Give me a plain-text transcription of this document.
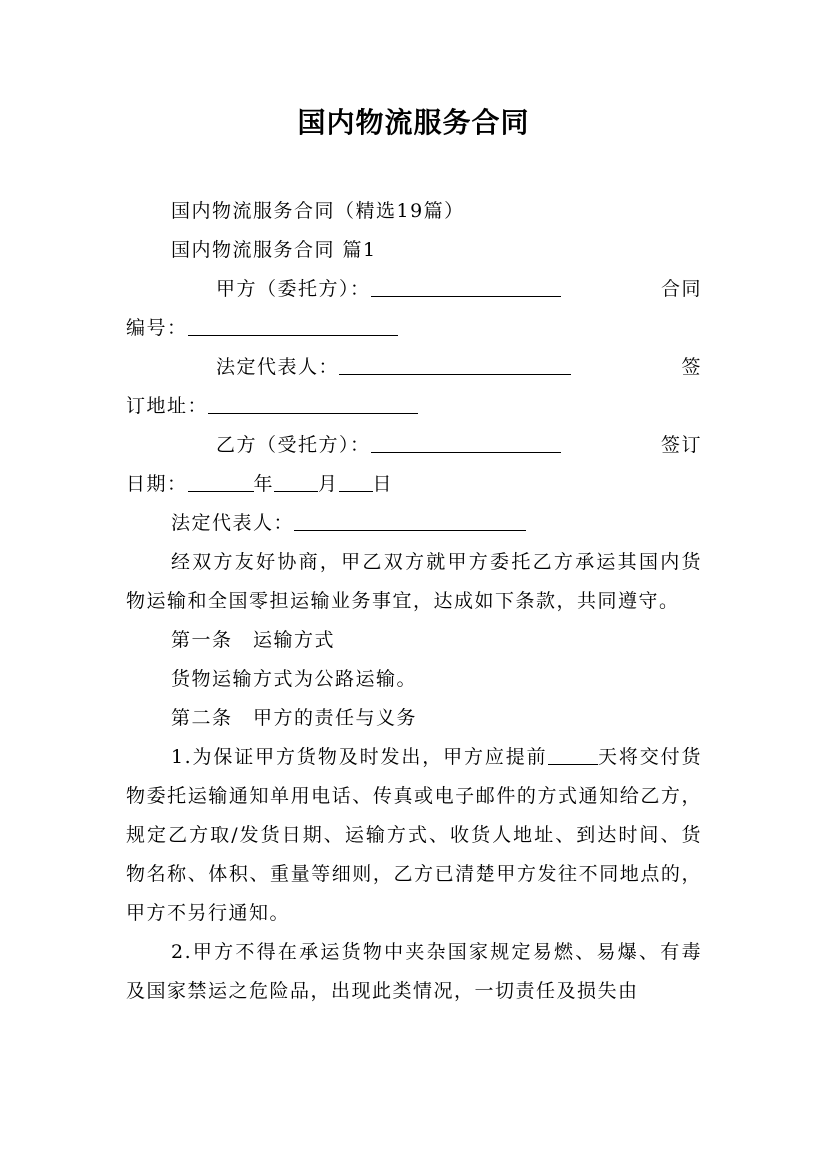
国内物流服务合同

国内物流服务合同（精选19篇）

国内物流服务合同 篇1

甲方（委托方）：	合同

编号：

法定代表人：	签

订地址：

乙方（受托方）：	签订

日期：	年 月 日

法定代表人：

经双方友好协商，甲乙双方就甲方委托乙方承运其国内货物运输和全国零担运输业务事宜，达成如下条款，共同遵守。

第一条　运输方式

货物运输方式为公路运输。

第二条　甲方的责任与义务

1.为保证甲方货物及时发出，甲方应提前	天将交付货物委托运输通知单用电话、传真或电子邮件的方式通知给乙方，规定乙方取/发货日期、运输方式、收货人地址、到达时间、货物名称、体积、重量等细则，乙方已清楚甲方发往不同地点的，甲方不另行通知。

2.甲方不得在承运货物中夹杂国家规定易燃、易爆、有毒及国家禁运之危险品，出现此类情况，一切责任及损失由
